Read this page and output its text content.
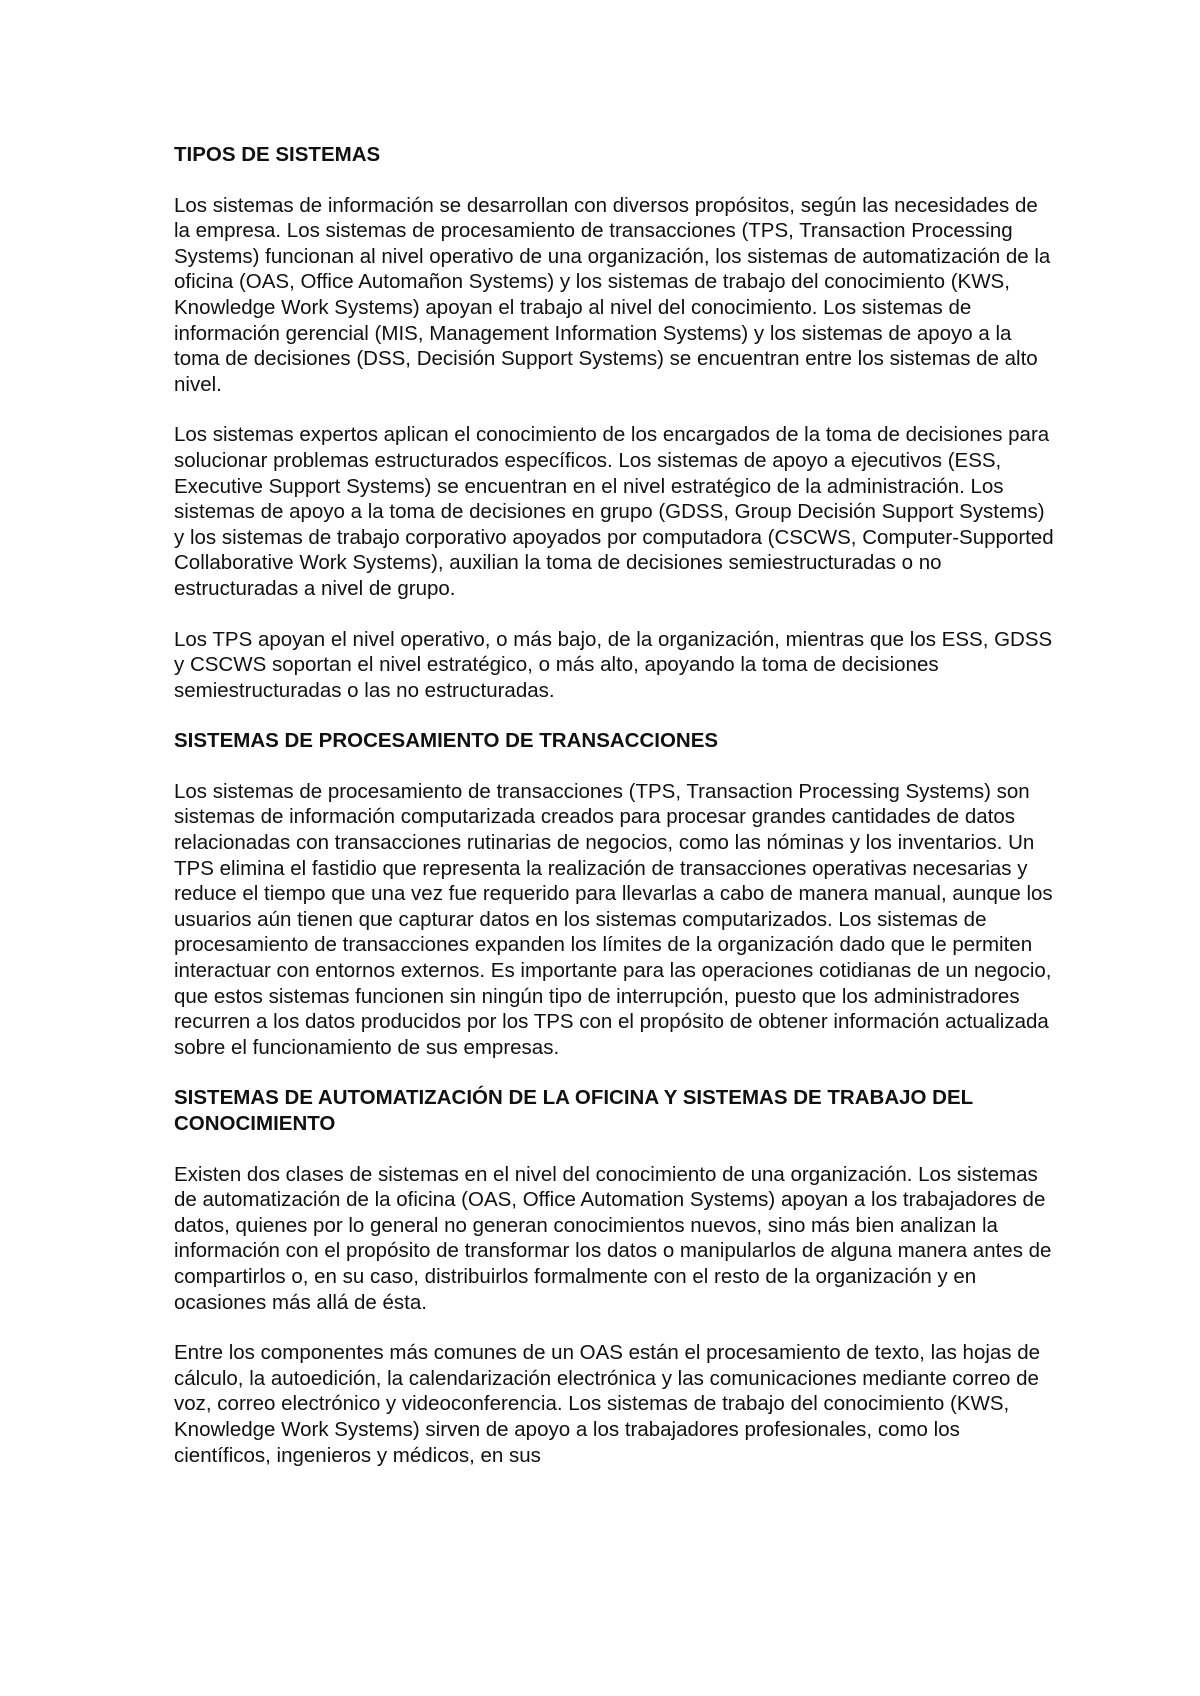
TIPOS DE SISTEMAS

Los sistemas de información se desarrollan con diversos propósitos, según las necesidades de la empresa. Los sistemas de procesamiento de transacciones (TPS, Transaction Processing Systems) funcionan al nivel operativo de una organización, los sistemas de automatización de la oficina (OAS, Office Automañon Systems) y los sistemas de trabajo del conocimiento (KWS, Knowledge Work Systems) apoyan el trabajo al nivel del conocimiento. Los sistemas de información gerencial (MIS, Management Information Systems) y los sistemas de apoyo a la toma de decisiones (DSS, Decisión Support Systems) se encuentran entre los sistemas de alto nivel.

Los sistemas expertos aplican el conocimiento de los encargados de la toma de decisiones para solucionar problemas estructurados específicos. Los sistemas de apoyo a ejecutivos (ESS, Executive Support Systems) se encuentran en el nivel estratégico de la administración. Los sistemas de apoyo a la toma de decisiones en grupo (GDSS, Group Decisión Support Systems) y los sistemas de trabajo corporativo apoyados por computadora (CSCWS, Computer-Supported Collaborative Work Systems), auxilian la toma de decisiones semiestructuradas o no estructuradas a nivel de grupo.

Los TPS apoyan el nivel operativo, o más bajo, de la organización, mientras que los ESS, GDSS y CSCWS soportan el nivel estratégico, o más alto, apoyando la toma de decisiones semiestructuradas o las no estructuradas.

SISTEMAS DE PROCESAMIENTO DE TRANSACCIONES

Los sistemas de procesamiento de transacciones (TPS, Transaction Processing Systems) son sistemas de información computarizada creados para procesar grandes cantidades de datos relacionadas con transacciones rutinarias de negocios, como las nóminas y los inventarios. Un TPS elimina el fastidio que representa la realización de transacciones operativas necesarias y reduce el tiempo que una vez fue requerido para llevarlas a cabo de manera manual, aunque los usuarios aún tienen que capturar datos en los sistemas computarizados. Los sistemas de procesamiento de transacciones expanden los límites de la organización dado que le permiten interactuar con entornos externos. Es importante para las operaciones cotidianas de un negocio, que estos sistemas funcionen sin ningún tipo de interrupción, puesto que los administradores recurren a los datos producidos por los TPS con el propósito de obtener información actualizada sobre el funcionamiento de sus empresas.

SISTEMAS DE AUTOMATIZACIÓN DE LA OFICINA Y SISTEMAS DE TRABAJO DEL CONOCIMIENTO

Existen dos clases de sistemas en el nivel del conocimiento de una organización. Los sistemas de automatización de la oficina (OAS, Office Automation Systems) apoyan a los trabajadores de datos, quienes por lo general no generan conocimientos nuevos, sino más bien analizan la información con el propósito de transformar los datos o manipularlos de alguna manera antes de compartirlos o, en su caso, distribuirlos formalmente con el resto de la organización y en ocasiones más allá de ésta.

Entre los componentes más comunes de un OAS están el procesamiento de texto, las hojas de cálculo, la autoedición, la calendarización electrónica y las comunicaciones mediante correo de voz, correo electrónico y videoconferencia. Los sistemas de trabajo del conocimiento (KWS, Knowledge Work Systems) sirven de apoyo a los trabajadores profesionales, como los científicos, ingenieros y médicos, en sus
